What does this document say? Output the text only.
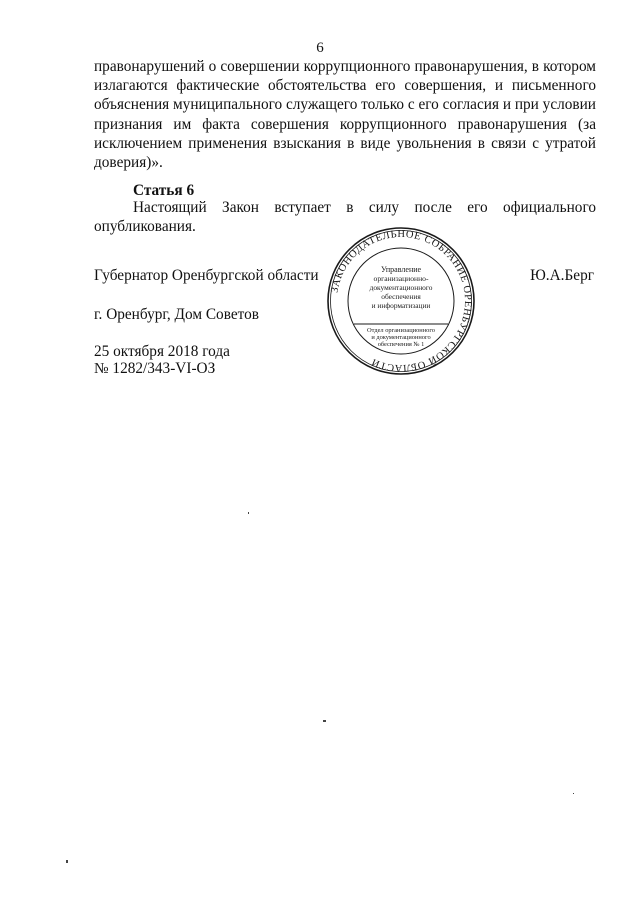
6
правонарушений о совершении коррупционного правонарушения, в котором
излагаются фактические обстоятельства его совершения, и письменного
объяснения муниципального служащего только с его согласия и при условии
признания им факта совершения коррупционного правонарушения (за
исключением применения взыскания в виде увольнения в связи с утратой
доверия)».
Статья 6
Настоящий Закон вступает в силу после его официального
опубликования.
Губернатор Оренбургской области	Ю.А.Берг
г. Оренбург, Дом Советов
25 октября 2018 года
№ 1282/343-VI-ОЗ
ЗАКОНОДАТЕЛЬНОЕ СОБРАНИЕ ОРЕНБУРГСКОЙ ОБЛАСТИ
Управление
организационно-
документационного
обеспечения
и информатизации
Отдел организационного
и документационного
обеспечения № 1
